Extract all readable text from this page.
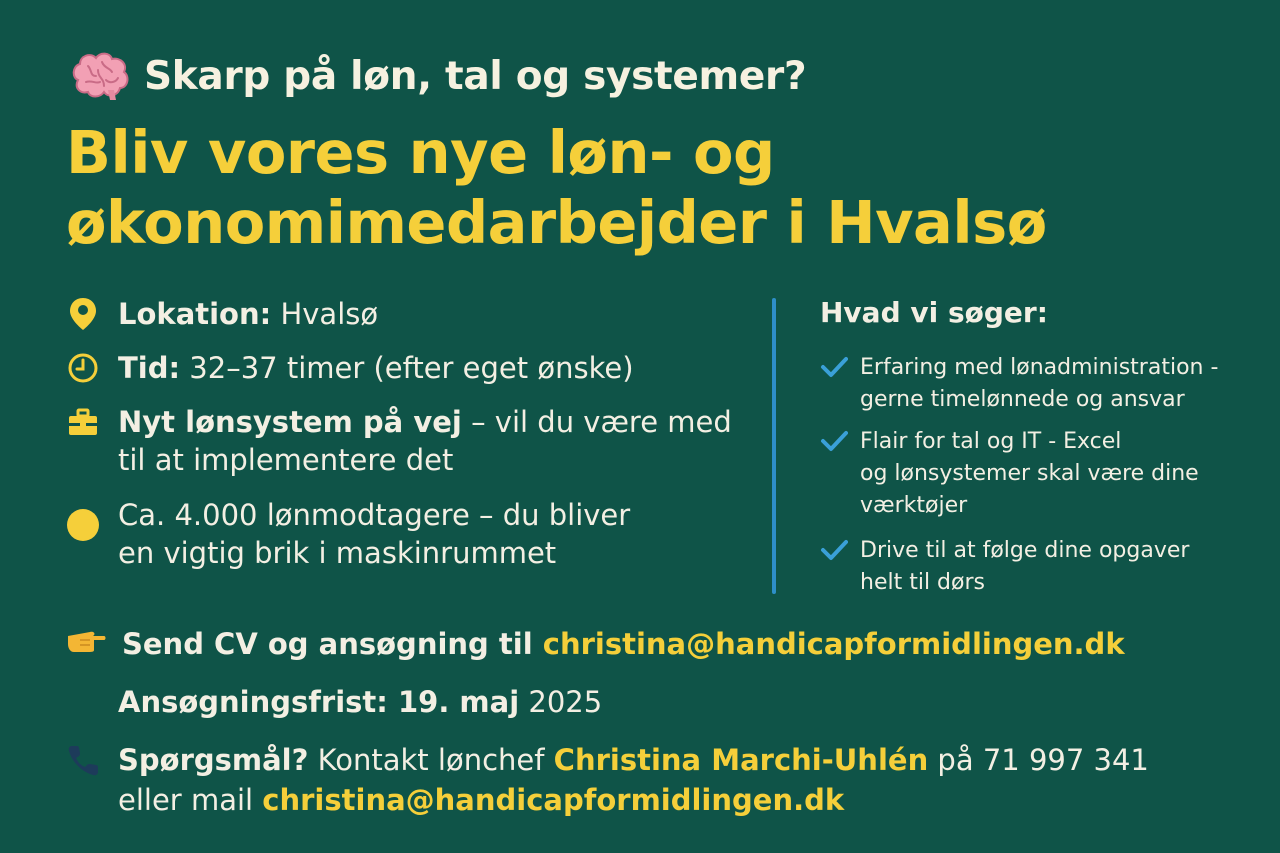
Skarp på løn, tal og systemer?
Bliv vores nye løn- og
økonomimedarbejder i Hvalsø
Lokation: Hvalsø
Tid: 32–37 timer (efter eget ønske)
Nyt lønsystem på vej – vil du være med
til at implementere det
Ca. 4.000 lønmodtagere – du bliver
en vigtig brik i maskinrummet
Hvad vi søger:
Erfaring med lønadministration -
gerne timelønnede og ansvar
Flair for tal og IT - Excel
og lønsystemer skal være dine
værktøjer
Drive til at følge dine opgaver
helt til dørs
Send CV og ansøgning til christina@handicapformidlingen.dk
Ansøgningsfrist: 19. maj 2025
Spørgsmål? Kontakt lønchef Christina Marchi-Uhlén på 71 997 341
eller mail christina@handicapformidlingen.dk
